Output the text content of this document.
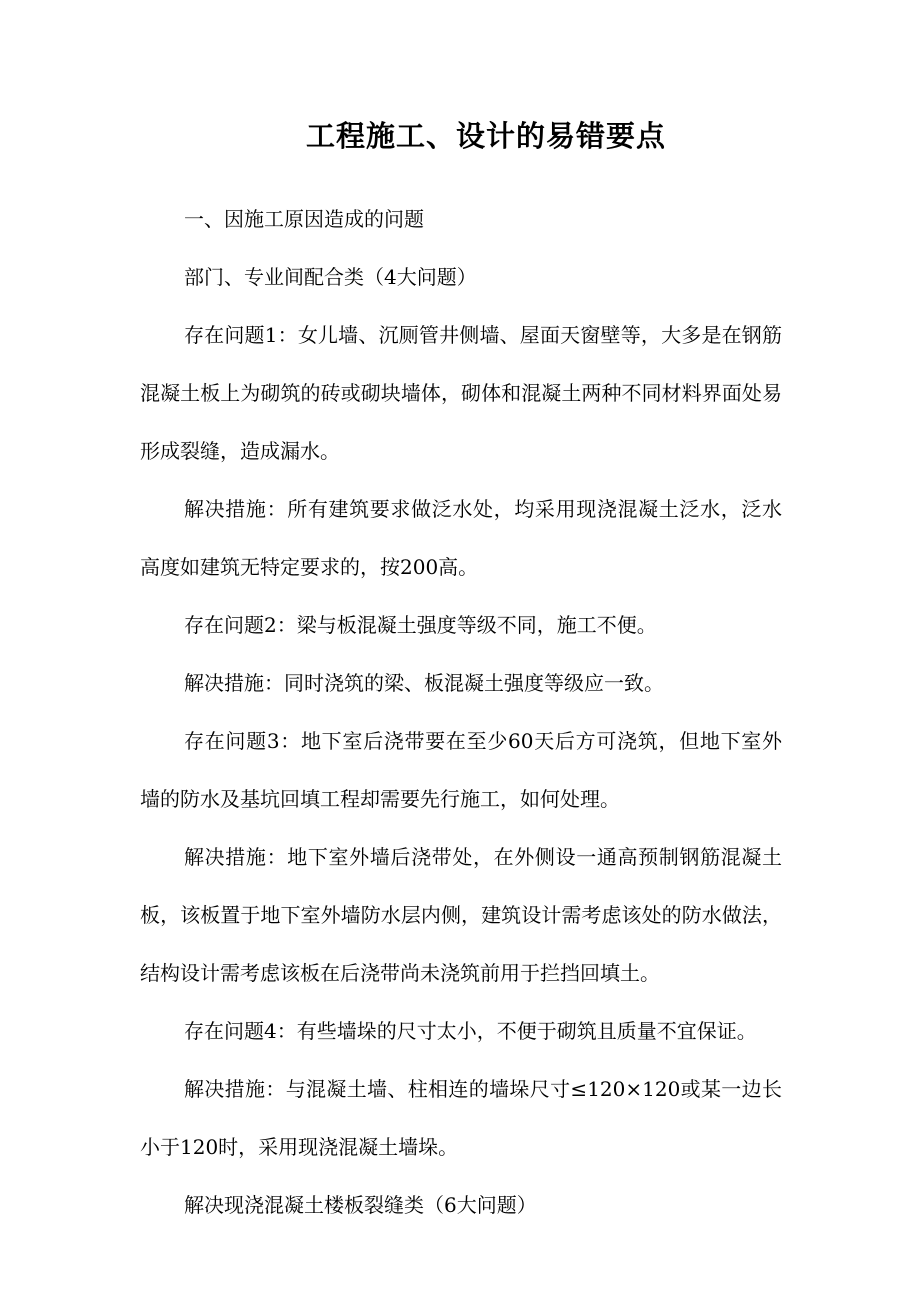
工程施工、设计的易错要点

一、因施工原因造成的问题

部门、专业间配合类（4大问题）

存在问题1：女儿墙、沉厕管井侧墙、屋面天窗壁等，大多是在钢筋混凝土板上为砌筑的砖或砌块墙体，砌体和混凝土两种不同材料界面处易形成裂缝，造成漏水。

解决措施：所有建筑要求做泛水处，均采用现浇混凝土泛水，泛水高度如建筑无特定要求的，按200高。

存在问题2：梁与板混凝土强度等级不同，施工不便。

解决措施：同时浇筑的梁、板混凝土强度等级应一致。

存在问题3：地下室后浇带要在至少60天后方可浇筑，但地下室外墙的防水及基坑回填工程却需要先行施工，如何处理。

解决措施：地下室外墙后浇带处，在外侧设一通高预制钢筋混凝土板，该板置于地下室外墙防水层内侧，建筑设计需考虑该处的防水做法，结构设计需考虑该板在后浇带尚未浇筑前用于拦挡回填土。

存在问题4：有些墙垛的尺寸太小，不便于砌筑且质量不宜保证。

解决措施：与混凝土墙、柱相连的墙垛尺寸≤120×120或某一边长小于120时，采用现浇混凝土墙垛。

解决现浇混凝土楼板裂缝类（6大问题）
